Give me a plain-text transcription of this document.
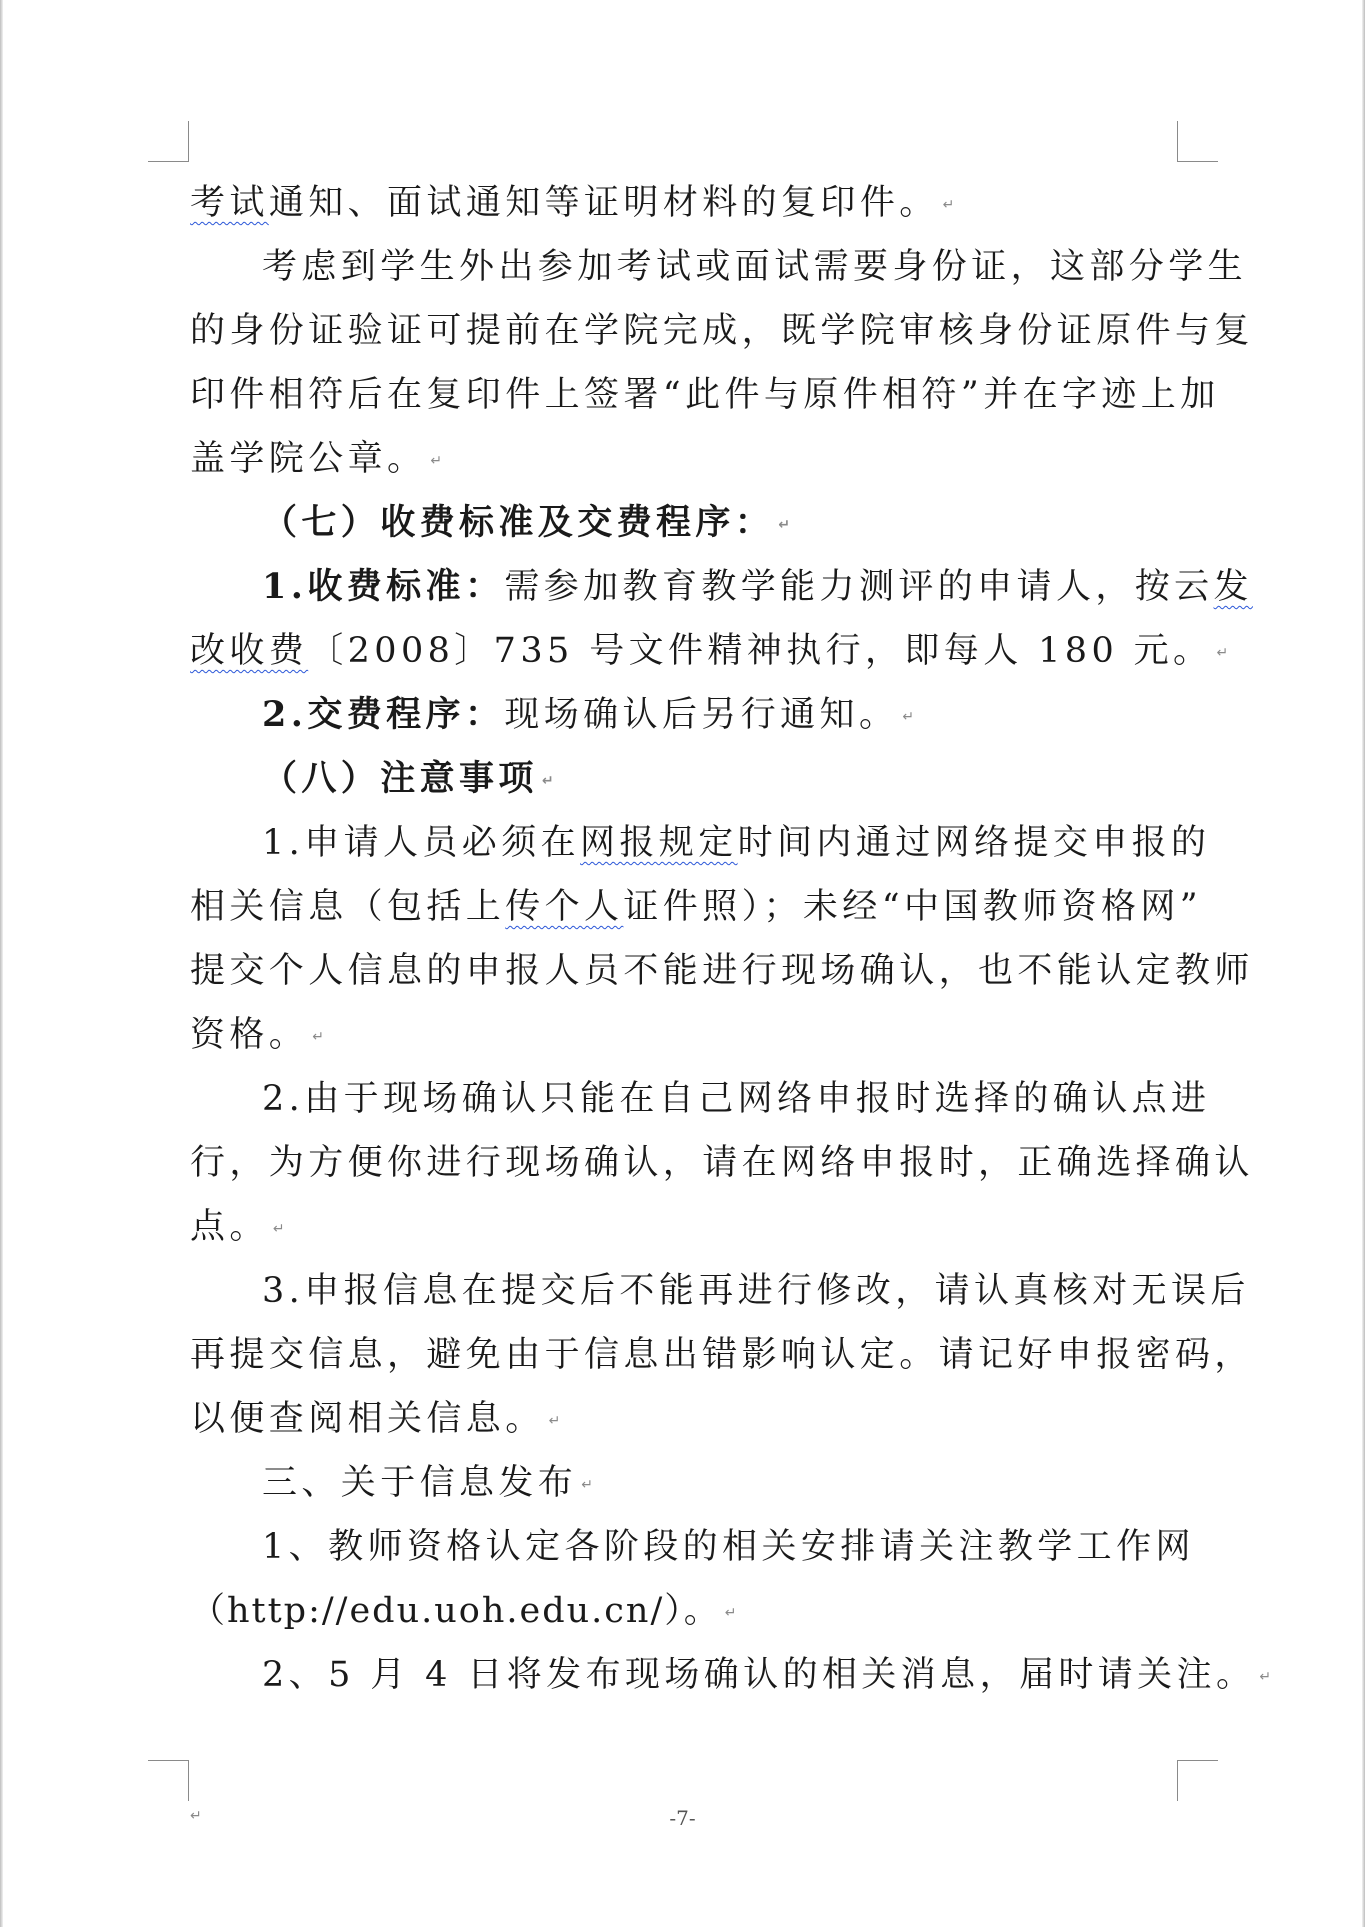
考试通知、面试通知等证明材料的复印件。 ↵
考虑到学生外出参加考试或面试需要身份证，这部分学生
的身份证验证可提前在学院完成，既学院审核身份证原件与复
印件相符后在复印件上签署“此件与原件相符”并在字迹上加
盖学院公章。 ↵
（七）收费标准及交费程序： ↵
1.收费标准：需参加教育教学能力测评的申请人，按云发
改收费〔2008〕735 号文件精神执行，即每人 180 元。 ↵
2.交费程序：现场确认后另行通知。 ↵
（八）注意事项 ↵
1.申请人员必须在网报规定时间内通过网络提交申报的
相关信息（包括上传个人证件照）；未经“中国教师资格网”
提交个人信息的申报人员不能进行现场确认，也不能认定教师
资格。 ↵
2.由于现场确认只能在自己网络申报时选择的确认点进
行，为方便你进行现场确认，请在网络申报时，正确选择确认
点。 ↵
3.申报信息在提交后不能再进行修改，请认真核对无误后
再提交信息，避免由于信息出错影响认定。请记好申报密码，
以便查阅相关信息。 ↵
三、关于信息发布 ↵
1、教师资格认定各阶段的相关安排请关注教学工作网
（http://edu.uoh.edu.cn/）。 ↵
2、5 月 4 日将发布现场确认的相关消息，届时请关注。 ↵
↵	-7-
